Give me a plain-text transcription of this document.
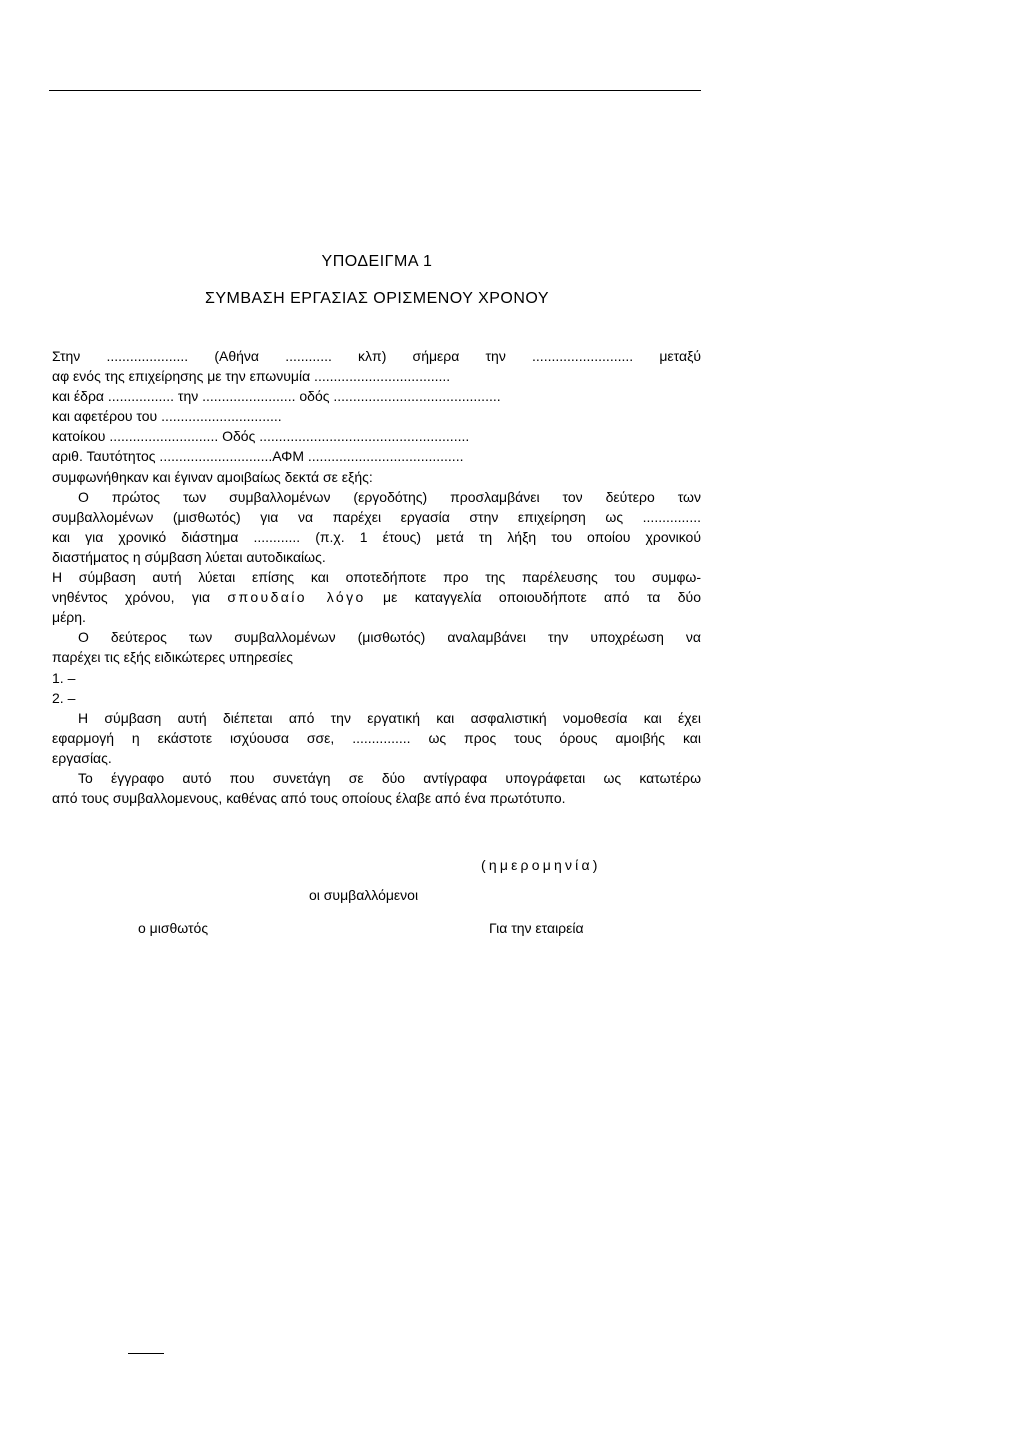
ΥΠΟΔΕΙΓΜΑ 1
ΣΥΜΒΑΣΗ ΕΡΓΑΣΙΑΣ ΟΡΙΣΜΕΝΟΥ ΧΡΟΝΟΥ
Στην ..................... (Αθήνα ............ κλπ) σήμερα την .......................... μεταξύ
αφ ενός της επιχείρησης με την επωνυμία ...................................
και έδρα ................. την ........................ οδός ...........................................
και αφετέρου του ...............................
κατοίκου ............................ Οδός ......................................................
αριθ. Ταυτότητος .............................ΑΦΜ ........................................
συμφωνήθηκαν και έγιναν αμοιβαίως δεκτά σε εξής:
Ο πρώτος των συμβαλλομένων (εργοδότης) προσλαμβάνει τον δεύτερο των
συμβαλλομένων (μισθωτός) για να παρέχει εργασία στην επιχείρηση ως ...............
και για χρονικό διάστημα ............ (π.χ. 1 έτους) μετά τη λήξη του οποίου χρονικού
διαστήματος η σύμβαση λύεται αυτοδικαίως.
Η σύμβαση αυτή λύεται επίσης και οποτεδήποτε προ της παρέλευσης του συμφω-
νηθέντος χρόνου, για σπουδαίο λόγο με καταγγελία οποιουδήποτε από τα δύο
μέρη.
Ο δεύτερος των συμβαλλομένων (μισθωτός) αναλαμβάνει την υποχρέωση να
παρέχει τις εξής ειδικώτερες υπηρεσίες
1. –
2. –
Η σύμβαση αυτή διέπεται από την εργατική και ασφαλιστική νομοθεσία και έχει
εφαρμογή η εκάστοτε ισχύουσα σσε, ............... ως προς τους όρους αμοιβής και
εργασίας.
Το έγγραφο αυτό που συνετάγη σε δύο αντίγραφα υπογράφεται ως κατωτέρω
από τους συμβαλλομενους, καθένας από τους οποίους έλαβε από ένα πρωτότυπο.
(ημερομηνία)
οι συμβαλλόμενοι
ο μισθωτός	Για την εταιρεία
